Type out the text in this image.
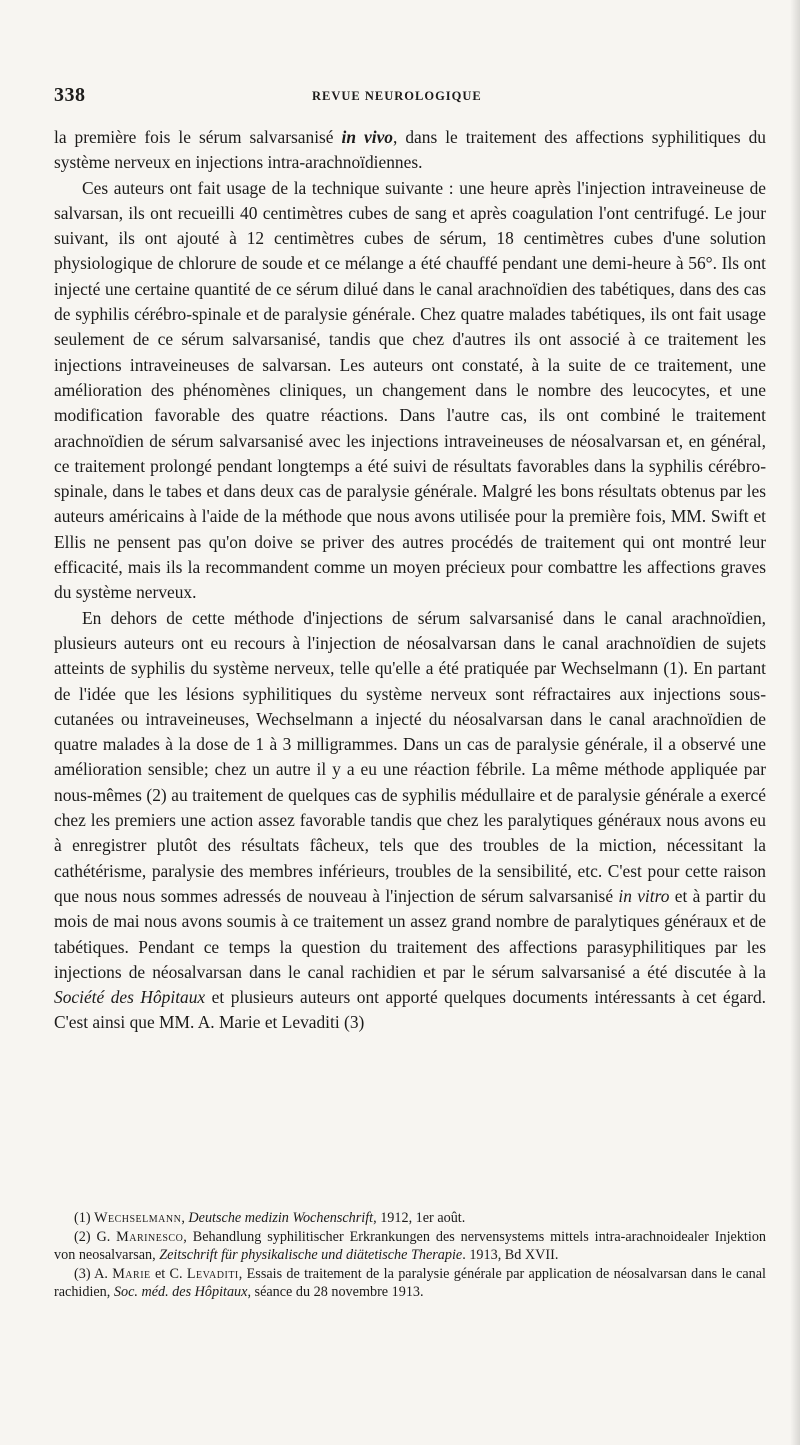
338	REVUE NEUROLOGIQUE

la première fois le sérum salvarsanisé in vivo, dans le traitement des affections syphilitiques du système nerveux en injections intra-arachnoïdiennes.

Ces auteurs ont fait usage de la technique suivante : une heure après l'injection intraveineuse de salvarsan, ils ont recueilli 40 centimètres cubes de sang et après coagulation l'ont centrifugé. Le jour suivant, ils ont ajouté à 12 centimètres cubes de sérum, 18 centimètres cubes d'une solution physiologique de chlorure de soude et ce mélange a été chauffé pendant une demi-heure à 56°. Ils ont injecté une certaine quantité de ce sérum dilué dans le canal arachnoïdien des tabétiques, dans des cas de syphilis cérébro-spinale et de paralysie générale. Chez quatre malades tabétiques, ils ont fait usage seulement de ce sérum salvarsanisé, tandis que chez d'autres ils ont associé à ce traitement les injections intraveineuses de salvarsan. Les auteurs ont constaté, à la suite de ce traitement, une amélioration des phénomènes cliniques, un changement dans le nombre des leucocytes, et une modification favorable des quatre réactions. Dans l'autre cas, ils ont combiné le traitement arachnoïdien de sérum salvarsanisé avec les injections intraveineuses de néosalvarsan et, en général, ce traitement prolongé pendant longtemps a été suivi de résultats favorables dans la syphilis cérébro-spinale, dans le tabes et dans deux cas de paralysie générale. Malgré les bons résultats obtenus par les auteurs américains à l'aide de la méthode que nous avons utilisée pour la première fois, MM. Swift et Ellis ne pensent pas qu'on doive se priver des autres procédés de traitement qui ont montré leur efficacité, mais ils la recommandent comme un moyen précieux pour combattre les affections graves du système nerveux.

En dehors de cette méthode d'injections de sérum salvarsanisé dans le canal arachnoïdien, plusieurs auteurs ont eu recours à l'injection de néosalvarsan dans le canal arachnoïdien de sujets atteints de syphilis du système nerveux, telle qu'elle a été pratiquée par Wechselmann (1). En partant de l'idée que les lésions syphilitiques du système nerveux sont réfractaires aux injections sous-cutanées ou intraveineuses, Wechselmann a injecté du néosalvarsan dans le canal arachnoïdien de quatre malades à la dose de 1 à 3 milligrammes. Dans un cas de paralysie générale, il a observé une amélioration sensible; chez un autre il y a eu une réaction fébrile. La même méthode appliquée par nous-mêmes (2) au traitement de quelques cas de syphilis médullaire et de paralysie générale a exercé chez les premiers une action assez favorable tandis que chez les paralytiques généraux nous avons eu à enregistrer plutôt des résultats fâcheux, tels que des troubles de la miction, nécessitant la cathétérisme, paralysie des membres inférieurs, troubles de la sensibilité, etc. C'est pour cette raison que nous nous sommes adressés de nouveau à l'injection de sérum salvarsanisé in vitro et à partir du mois de mai nous avons soumis à ce traitement un assez grand nombre de paralytiques généraux et de tabétiques. Pendant ce temps la question du traitement des affections parasyphilitiques par les injections de néosalvarsan dans le canal rachidien et par le sérum salvarsanisé a été discutée à la Société des Hôpitaux et plusieurs auteurs ont apporté quelques documents intéressants à cet égard. C'est ainsi que MM. A. Marie et Levaditi (3)

(1) Wechselmann, Deutsche medizin Wochenschrift, 1912, 1er août.

(2) G. Marinesco, Behandlung syphilitischer Erkrankungen des nervensystems mittels intra-arachnoidealer Injektion von neosalvarsan, Zeitschrift für physikalische und diätetische Therapie. 1913, Bd XVII.

(3) A. Marie et C. Levaditi, Essais de traitement de la paralysie générale par application de néosalvarsan dans le canal rachidien, Soc. méd. des Hôpitaux, séance du 28 novembre 1913.
